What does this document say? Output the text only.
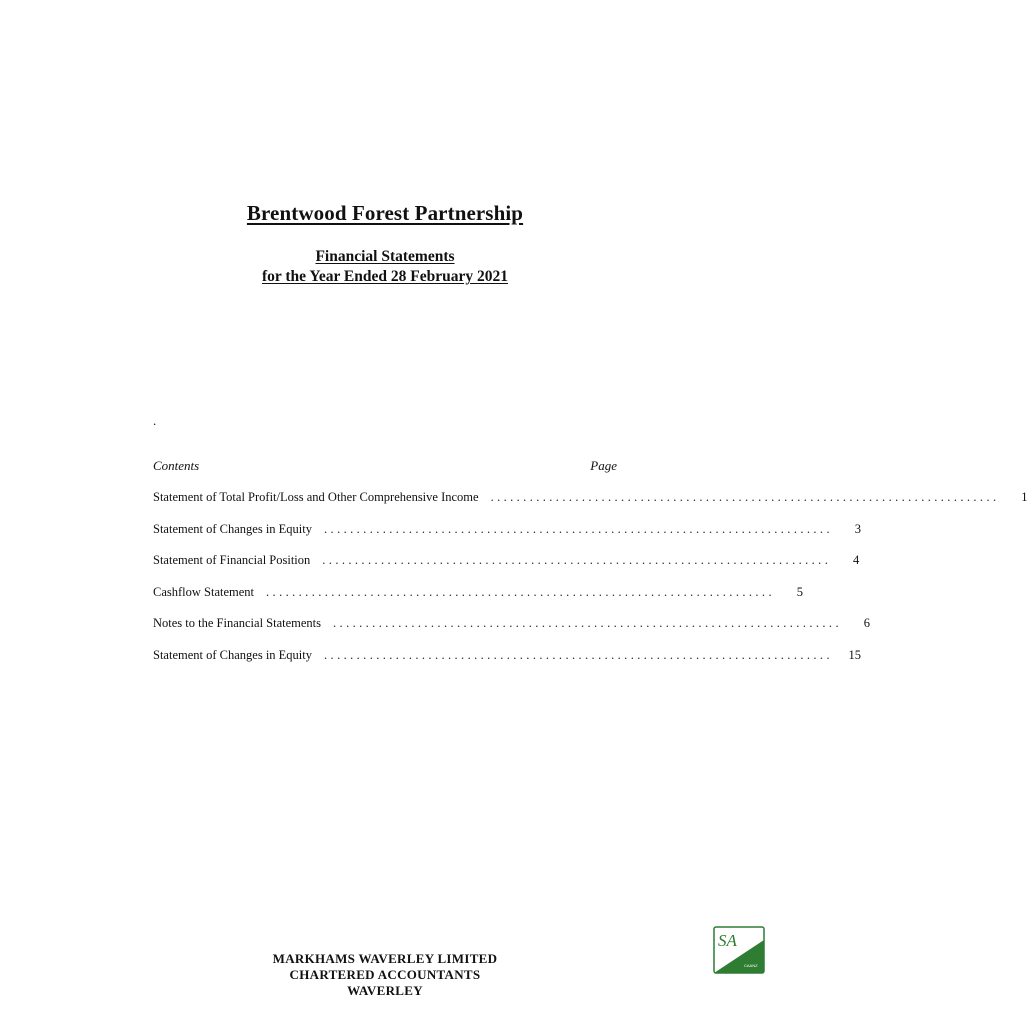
Brentwood Forest Partnership
Financial Statements
for the Year Ended 28 February 2021
.
Contents	Page
Statement of Total Profit/Loss and Other Comprehensive Income ..............................................................................	1
Statement of Changes in Equity ..............................................................................	3
Statement of Financial Position ..............................................................................	4
Cashflow Statement ..............................................................................	5
Notes to the Financial Statements ..............................................................................	6
Statement of Changes in Equity ..............................................................................	15
MARKHAMS WAVERLEY LIMITED
CHARTERED ACCOUNTANTS
WAVERLEY
SA
CAANZ
